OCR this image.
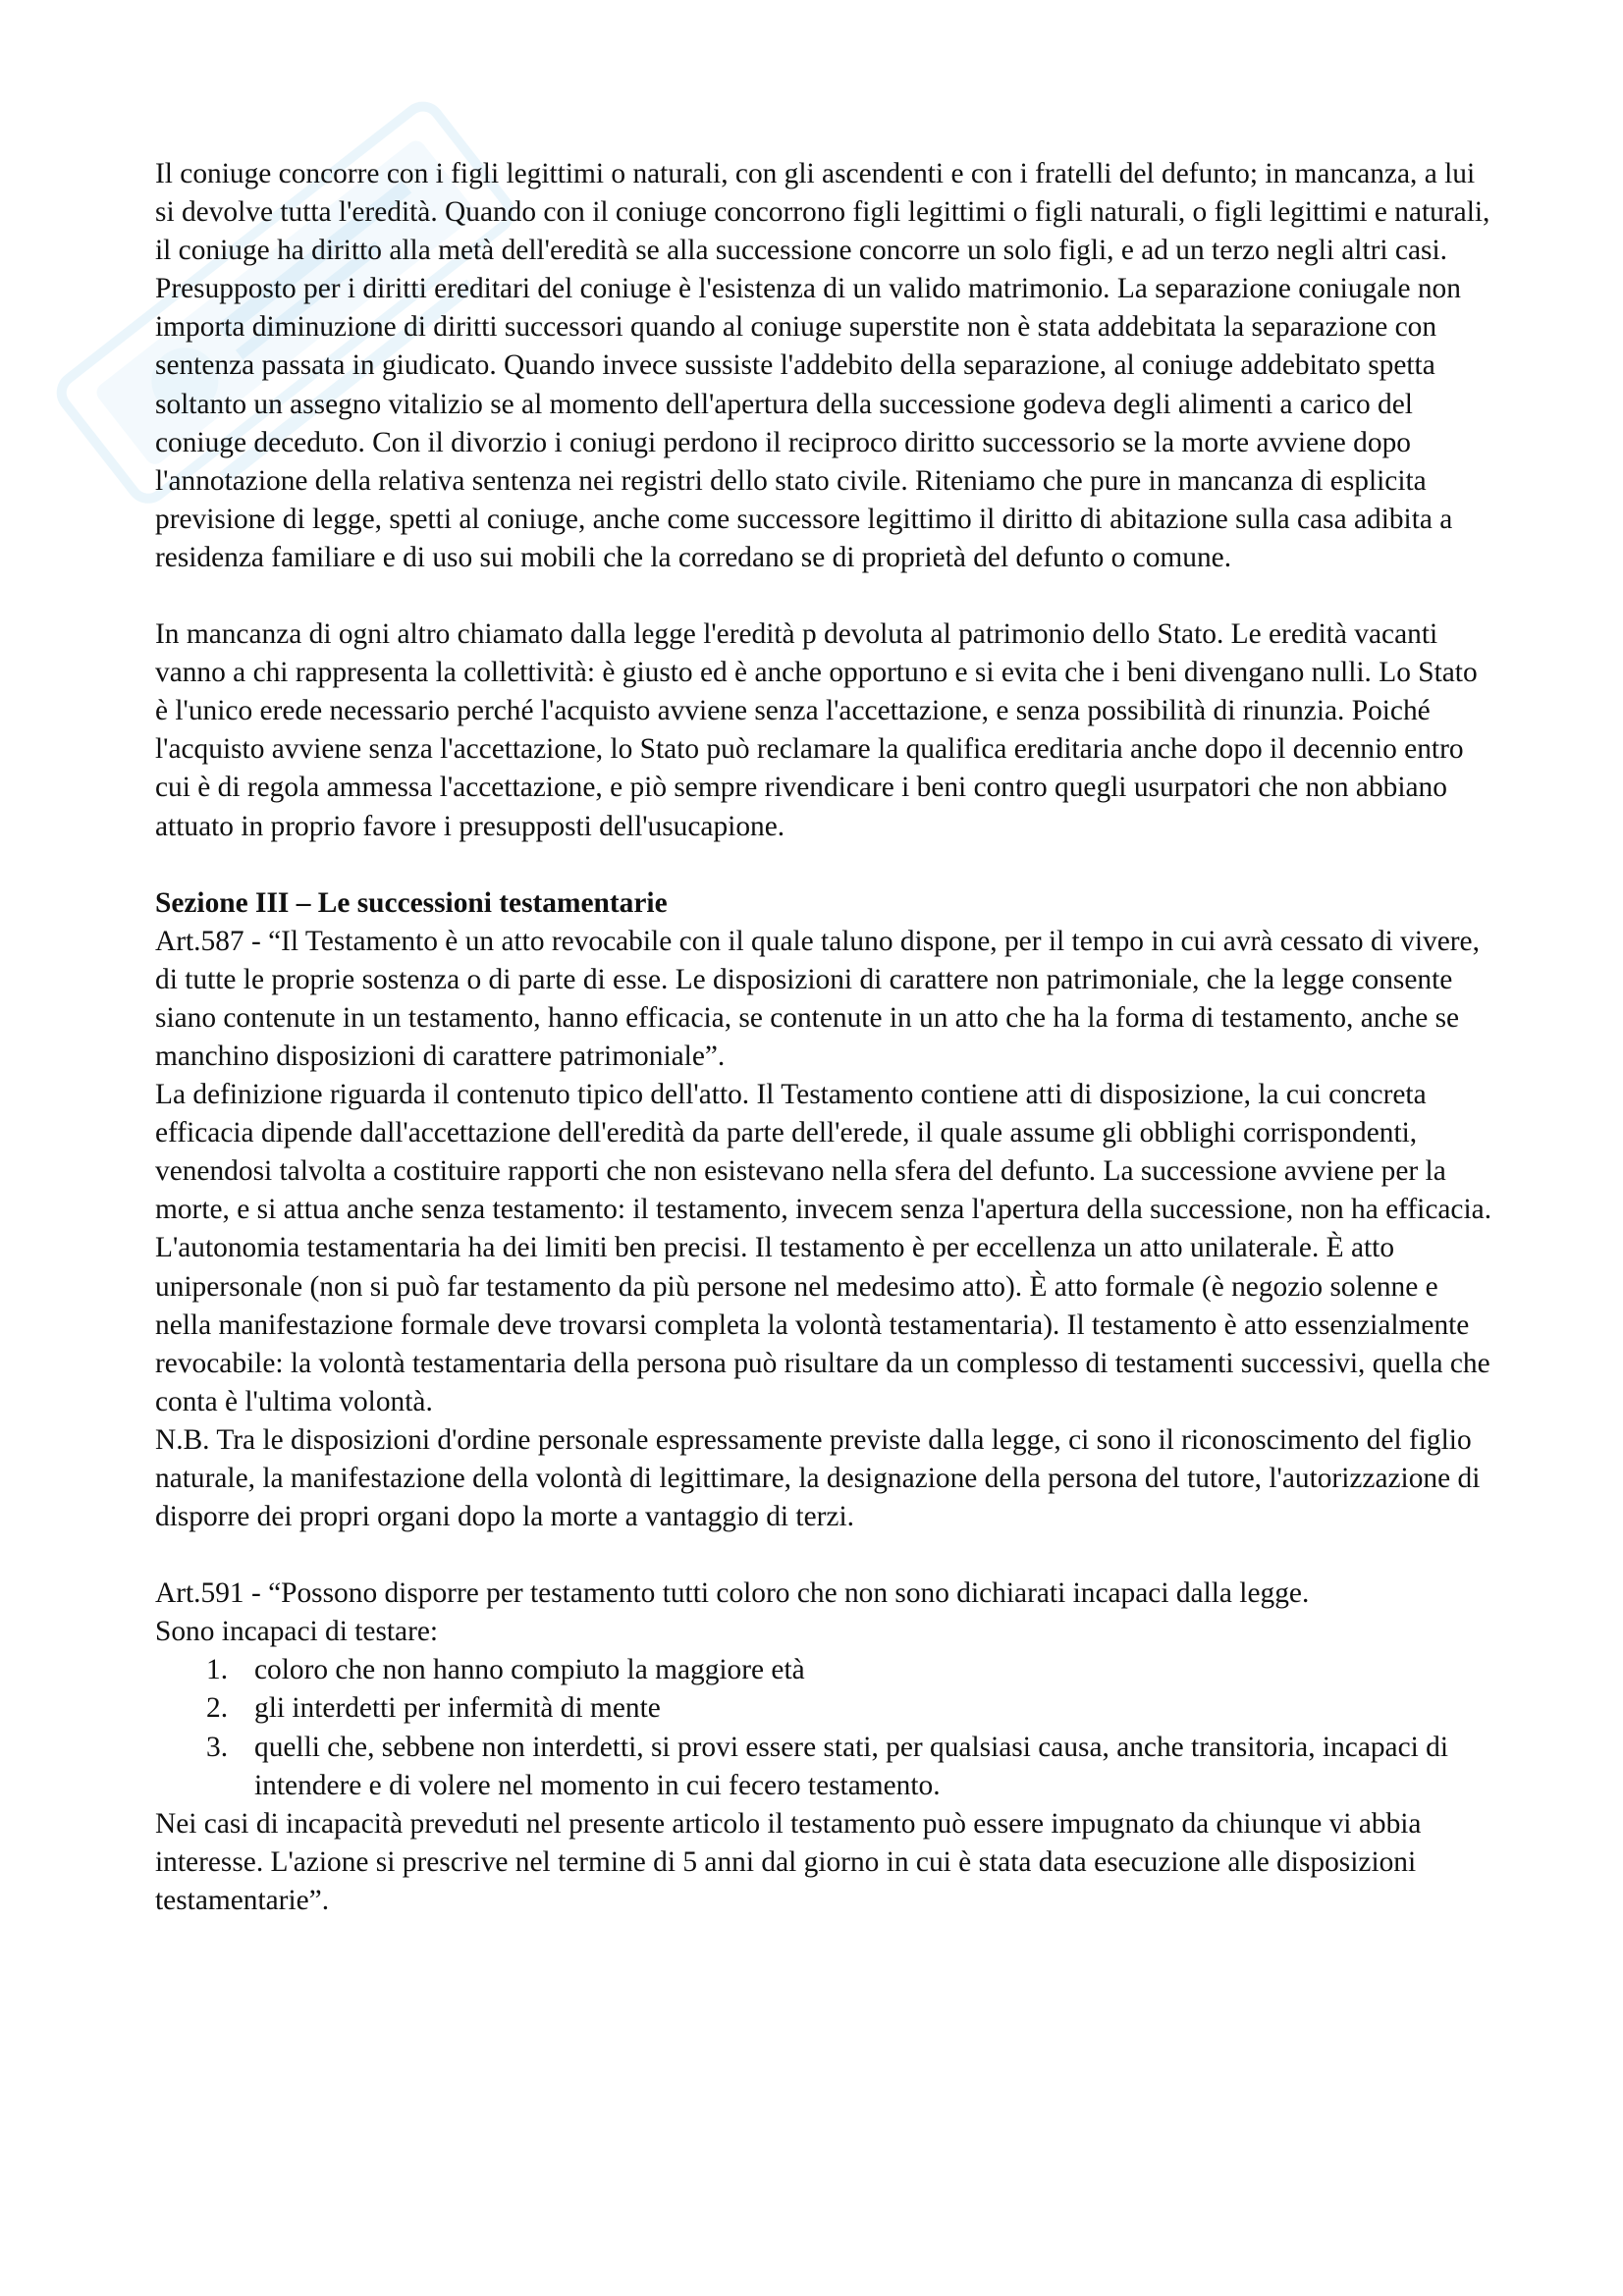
Il coniuge concorre con i figli legittimi o naturali, con gli ascendenti e con i fratelli del defunto; in mancanza, a lui si devolve tutta l'eredità. Quando con il coniuge concorrono figli legittimi o figli naturali, o figli legittimi e naturali, il coniuge ha diritto alla metà dell'eredità se alla successione concorre un solo figli, e ad un terzo negli altri casi. Presupposto per i diritti ereditari del coniuge è l'esistenza di un valido matrimonio. La separazione coniugale non importa diminuzione di diritti successori quando al coniuge superstite non è stata addebitata la separazione con sentenza passata in giudicato. Quando invece sussiste l'addebito della separazione, al coniuge addebitato spetta soltanto un assegno vitalizio se al momento dell'apertura della successione godeva degli alimenti a carico del coniuge deceduto. Con il divorzio i coniugi perdono il reciproco diritto successorio se la morte avviene dopo l'annotazione della relativa sentenza nei registri dello stato civile. Riteniamo che pure in mancanza di esplicita previsione di legge, spetti al coniuge, anche come successore legittimo il diritto di abitazione sulla casa adibita a residenza familiare e di uso sui mobili che la corredano se di proprietà del defunto o comune.

In mancanza di ogni altro chiamato dalla legge l'eredità p devoluta al patrimonio dello Stato. Le eredità vacanti vanno a chi rappresenta la collettività: è giusto ed è anche opportuno e si evita che i beni divengano nulli. Lo Stato è l'unico erede necessario perché l'acquisto avviene senza l'accettazione, e senza possibilità di rinunzia. Poiché l'acquisto avviene senza l'accettazione, lo Stato può reclamare la qualifica ereditaria anche dopo il decennio entro cui è di regola ammessa l'accettazione, e piò sempre rivendicare i beni contro quegli usurpatori che non abbiano attuato in proprio favore i presupposti dell'usucapione.

Sezione III – Le successioni testamentarie

Art.587 - “Il Testamento è un atto revocabile con il quale taluno dispone, per il tempo in cui avrà cessato di vivere, di tutte le proprie sostenza o di parte di esse. Le disposizioni di carattere non patrimoniale, che la legge consente siano contenute in un testamento, hanno efficacia, se contenute in un atto che ha la forma di testamento, anche se manchino disposizioni di carattere patrimoniale”.

La definizione riguarda il contenuto tipico dell'atto. Il Testamento contiene atti di disposizione, la cui concreta efficacia dipende dall'accettazione dell'eredità da parte dell'erede, il quale assume gli obblighi corrispondenti, venendosi talvolta a costituire rapporti che non esistevano nella sfera del defunto. La successione avviene per la morte, e si attua anche senza testamento: il testamento, invecem senza l'apertura della successione, non ha efficacia.

L'autonomia testamentaria ha dei limiti ben precisi. Il testamento è per eccellenza un atto unilaterale. È atto unipersonale (non si può far testamento da più persone nel medesimo atto). È atto formale (è negozio solenne e nella manifestazione formale deve trovarsi completa la volontà testamentaria). Il testamento è atto essenzialmente revocabile: la volontà testamentaria della persona può risultare da un complesso di testamenti successivi, quella che conta è l'ultima volontà.

N.B. Tra le disposizioni d'ordine personale espressamente previste dalla legge, ci sono il riconoscimento del figlio naturale, la manifestazione della volontà di legittimare, la designazione della persona del tutore, l'autorizzazione di disporre dei propri organi dopo la morte a vantaggio di terzi.

Art.591 - “Possono disporre per testamento tutti coloro che non sono dichiarati incapaci dalla legge.

Sono incapaci di testare:

1. coloro che non hanno compiuto la maggiore età
2. gli interdetti per infermità di mente
3. quelli che, sebbene non interdetti, si provi essere stati, per qualsiasi causa, anche transitoria, incapaci di intendere e di volere nel momento in cui fecero testamento.

Nei casi di incapacità preveduti nel presente articolo il testamento può essere impugnato da chiunque vi abbia interesse. L'azione si prescrive nel termine di 5 anni dal giorno in cui è stata data esecuzione alle disposizioni testamentarie”.
